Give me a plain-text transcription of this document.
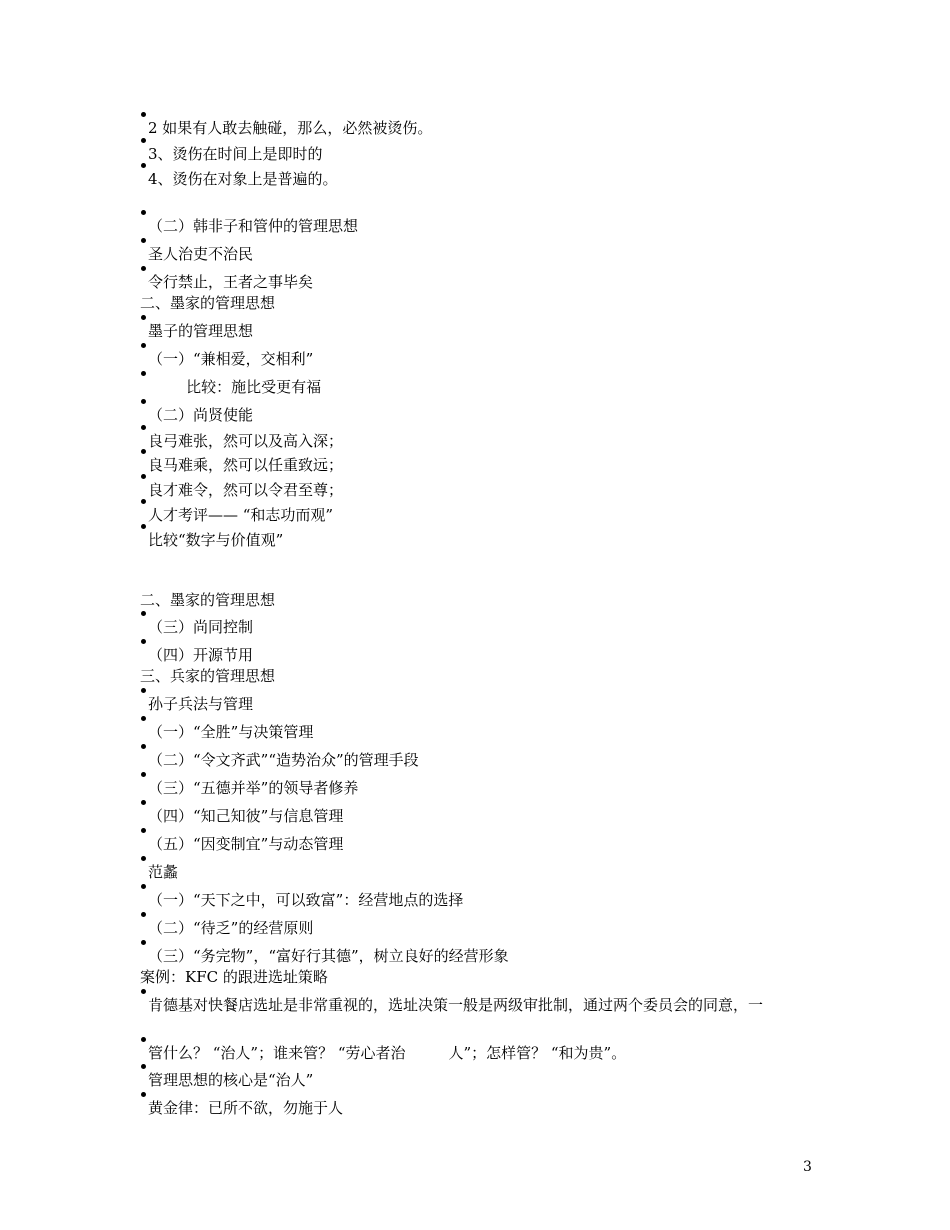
2 如果有人敢去触碰，那么，必然被烫伤。
3、烫伤在时间上是即时的
4、烫伤在对象上是普遍的。
（二）韩非子和管仲的管理思想
圣人治吏不治民
令行禁止，王者之事毕矣
二、墨家的管理思想
墨子的管理思想
（一）“兼相爱，交相利”
比较：施比受更有福
（二）尚贤使能
良弓难张，然可以及高入深；
良马难乘，然可以任重致远；
良才难令，然可以令君至尊；
人才考评—— “和志功而观”
比较“数字与价值观”
二、墨家的管理思想
（三）尚同控制
（四）开源节用
三、兵家的管理思想
孙子兵法与管理
（一）“全胜”与决策管理
（二）“令文齐武”“造势治众”的管理手段
（三）“五德并举”的领导者修养
（四）“知己知彼”与信息管理
（五）“因变制宜”与动态管理
范蠡
（一）“天下之中，可以致富”：经营地点的选择
（二）“待乏”的经营原则
（三）“务完物”，“富好行其德”，树立良好的经营形象
案例：KFC 的跟进选址策略
肯德基对快餐店选址是非常重视的，选址决策一般是两级审批制，通过两个委员会的同意，一
管什么？ “治人”；谁来管？ “劳心者治         人”；怎样管？ “和为贵”。
管理思想的核心是“治人”
黄金律：已所不欲，勿施于人
3
